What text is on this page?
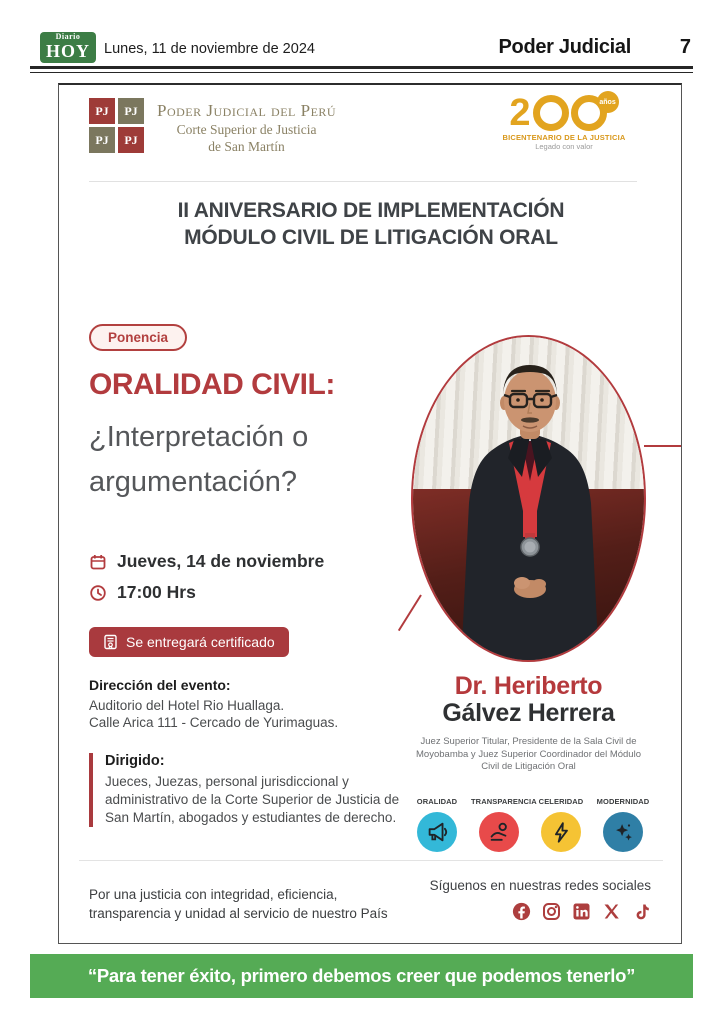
Diario
HOY Lunes, 11 de noviembre de 2024	Poder Judicial 7
PJ	PJ
PJ	PJ
Poder Judicial del Perú
Corte Superior de Justicia
de San Martín
2	años
BICENTENARIO DE LA JUSTICIA
Legado con valor
II ANIVERSARIO DE IMPLEMENTACIÓN
MÓDULO CIVIL DE LITIGACIÓN ORAL
Ponencia
ORALIDAD CIVIL:
¿Interpretación o
argumentación?
Jueves, 14 de noviembre
17:00 Hrs
Se entregará certificado
Dirección del evento:
Auditorio del Hotel Rio Huallaga.
Calle Arica 111 - Cercado de Yurimaguas.
Dirigido:
Jueces, Juezas, personal jurisdiccional y administrativo de la Corte Superior de Justicia de San Martín, abogados y estudiantes de derecho.
Dr. Heriberto
Gálvez Herrera
Juez Superior Titular, Presidente de la Sala Civil de Moyobamba y Juez Superior Coordinador del Módulo Civil de Litigación Oral
ORALIDAD	TRANSPARENCIA CELERIDAD	MODERNIDAD
Por una justicia con integridad, eficiencia,
transparencia y unidad al servicio de nuestro País
Síguenos en nuestras redes sociales
“Para tener éxito, primero debemos creer que podemos tenerlo”
